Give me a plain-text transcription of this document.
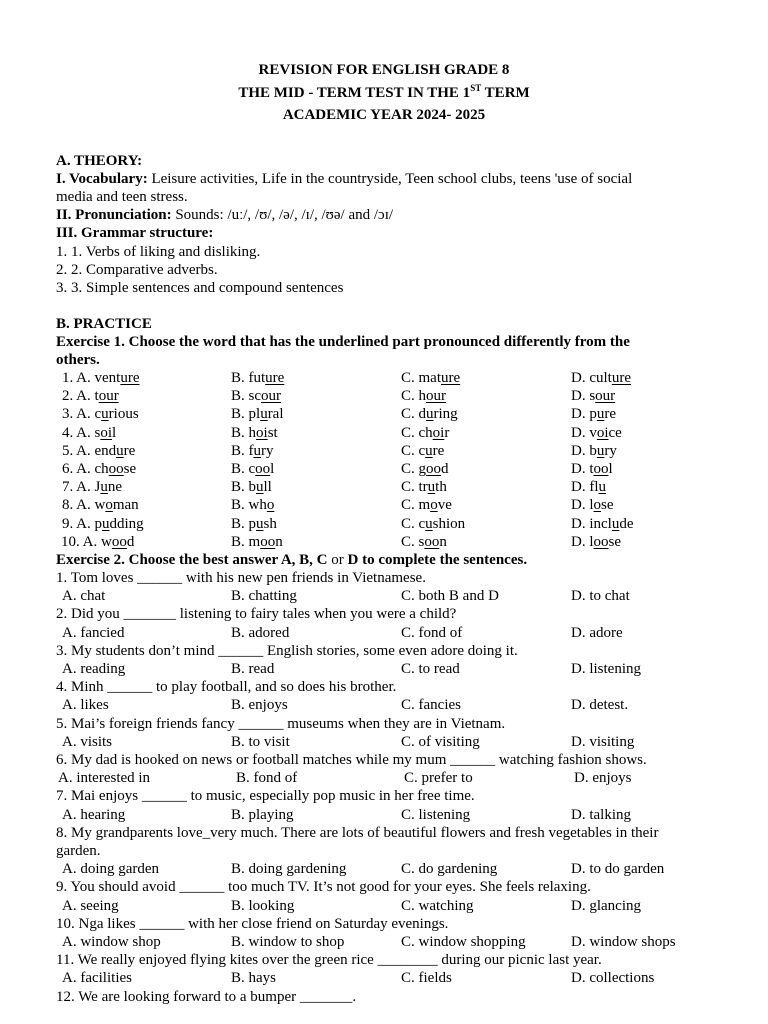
REVISION FOR ENGLISH GRADE 8
THE MID - TERM TEST IN THE 1ST TERM
ACADEMIC YEAR 2024- 2025
A. THEORY:
I. Vocabulary: Leisure activities, Life in the countryside, Teen school clubs, teens 'use of social
media and teen stress.
II. Pronunciation: Sounds: /uː/, /ʊ/, /ə/, /ɪ/, /ʊə/ and /ɔɪ/
III. Grammar structure:
1. 1. Verbs of liking and disliking.
2. 2. Comparative adverbs.
3. 3. Simple sentences and compound sentences
B. PRACTICE
Exercise 1. Choose the word that has the underlined part pronounced differently from the
others.
1. A. venture	B. future	C. mature	D. culture
2. A. tour	B. scour	C. hour	D. sour
3. A. curious	B. plural	C. during	D. pure
4. A. soil	B. hoist	C. choir	D. voice
5. A. endure	B. fury	C. cure	D. bury
6. A. choose	B. cool	C. good	D. tool
7. A. June	B. bull	C. truth	D. flu
8. A. woman	B. who	C. move	D. lose
9. A. pudding	B. push	C. cushion	D. include
10. A. wood	B. moon	C. soon	D. loose
Exercise 2. Choose the best answer A, B, C or D to complete the sentences.
1. Tom loves ______ with his new pen friends in Vietnamese.
A. chat	B. chatting	C. both B and D	D. to chat
2. Did you _______ listening to fairy tales when you were a child?
A. fancied	B. adored	C. fond of	D. adore
3. My students don’t mind ______ English stories, some even adore doing it.
A. reading	B. read	C. to read	D. listening
4. Minh ______ to play football, and so does his brother.
A. likes	B. enjoys	C. fancies	D. detest.
5. Mai’s foreign friends fancy ______ museums when they are in Vietnam.
A. visits	B. to visit	C. of visiting	D. visiting
6. My dad is hooked on news or football matches while my mum ______ watching fashion shows.
A. interested in	B. fond of	C. prefer to	D. enjoys
7. Mai enjoys ______ to music, especially pop music in her free time.
A. hearing	B. playing	C. listening	D. talking
8. My grandparents love_very much. There are lots of beautiful flowers and fresh vegetables in their
garden.
A. doing garden	B. doing gardening	C. do gardening	D. to do garden
9. You should avoid ______ too much TV. It’s not good for your eyes. She feels relaxing.
A. seeing	B. looking	C. watching	D. glancing
10. Nga likes ______ with her close friend on Saturday evenings.
A. window shop	B. window to shop	C. window shopping	D. window shops
11. We really enjoyed flying kites over the green rice ________ during our picnic last year.
A. facilities	B. hays	C. fields	D. collections
12. We are looking forward to a bumper _______.
